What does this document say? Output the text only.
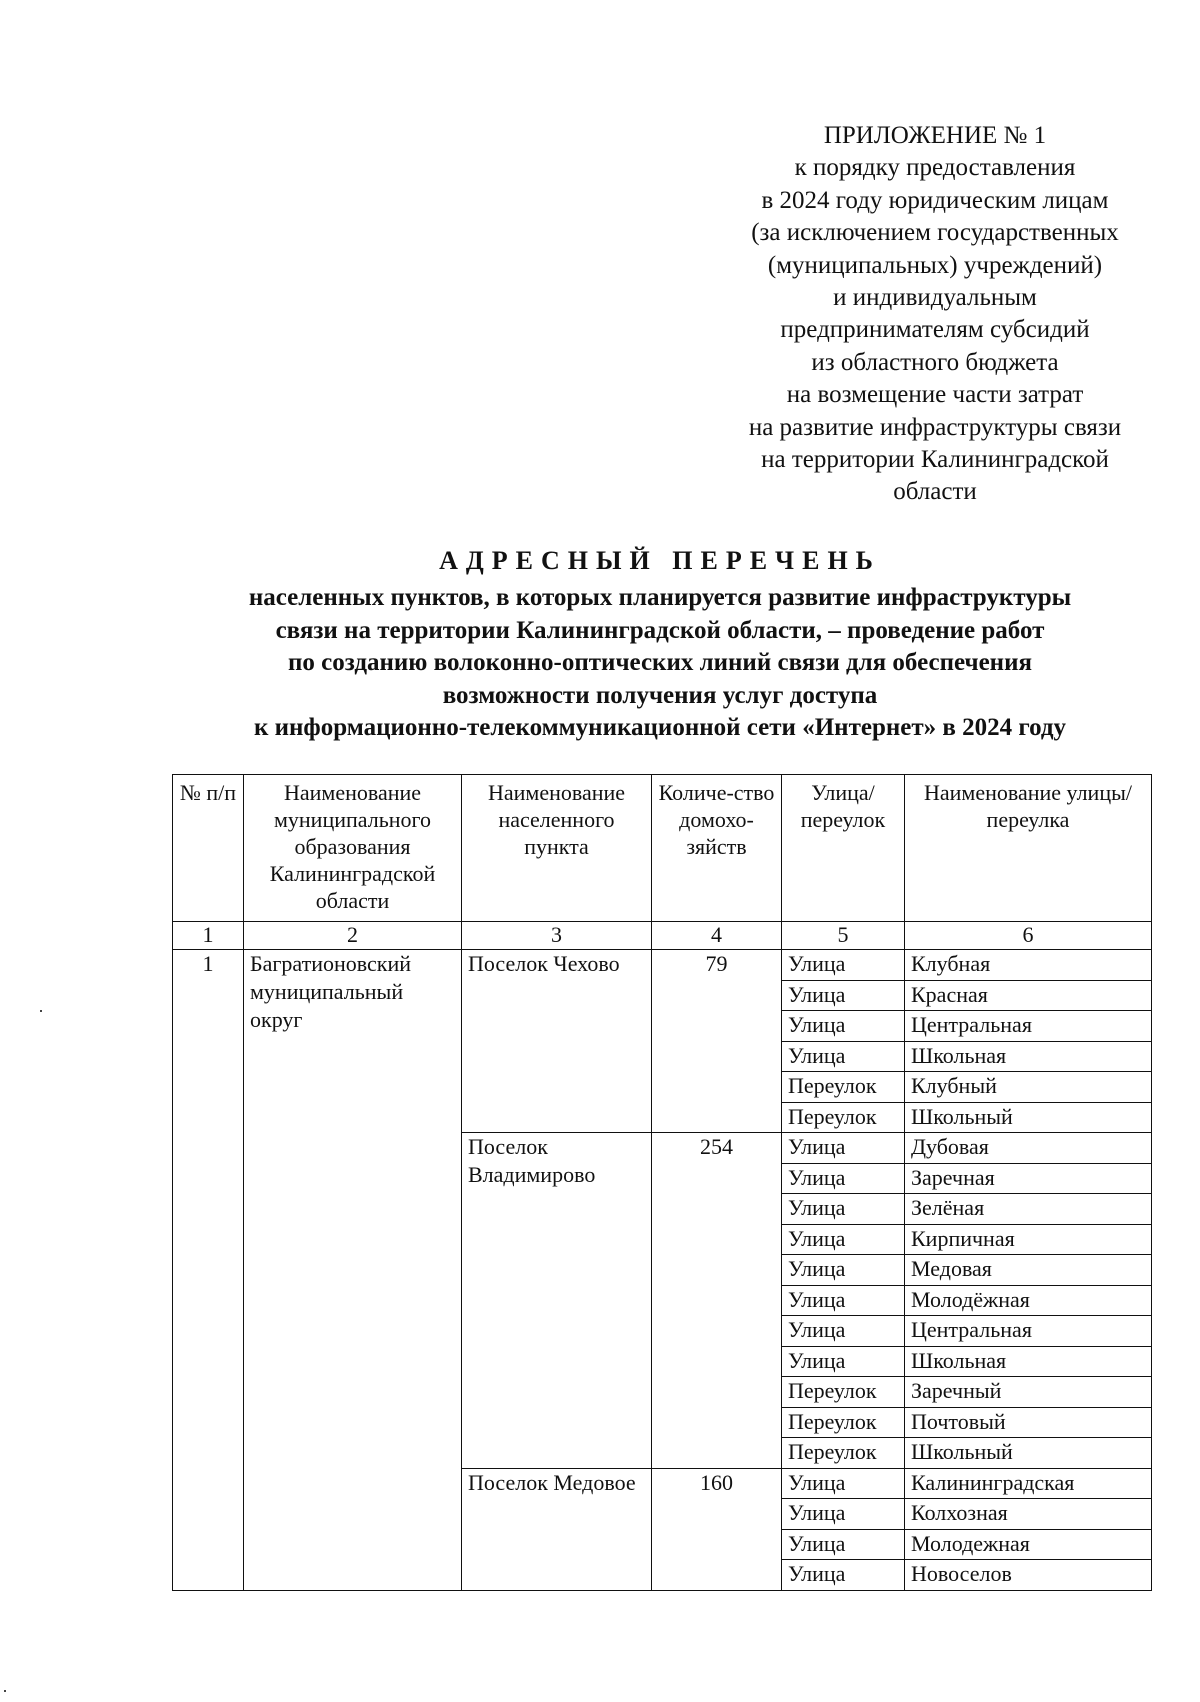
ПРИЛОЖЕНИЕ № 1
к порядку предоставления
в 2024 году юридическим лицам
(за исключением государственных
(муниципальных) учреждений)
и индивидуальным
предпринимателям субсидий
из областного бюджета
на возмещение части затрат
на развитие инфраструктуры связи
на территории Калининградской
области
АДРЕСНЫЙ ПЕРЕЧЕНЬ
населенных пунктов, в которых планируется развитие инфраструктуры
связи на территории Калининградской области, – проведение работ
по созданию волоконно-оптических линий связи для обеспечения
возможности получения услуг доступа
к информационно-телекоммуникационной сети «Интернет» в 2024 году
№ п/п	Наименование муниципального образования Калининградской области	Наименование населенного пункта	Количе-ство домохо-зяйств	Улица/ переулок	Наименование улицы/переулка
1	2	3	4	5	6
1	Багратионовский муниципальный округ	Поселок Чехово	79	Улица	Клубная
				Улица	Красная
				Улица	Центральная
				Улица	Школьная
				Переулок	Клубный
				Переулок	Школьный
		Поселок Владимирово	254	Улица	Дубовая
				Улица	Заречная
				Улица	Зелёная
				Улица	Кирпичная
				Улица	Медовая
				Улица	Молодёжная
				Улица	Центральная
				Улица	Школьная
				Переулок	Заречный
				Переулок	Почтовый
				Переулок	Школьный
		Поселок Медовое	160	Улица	Калининградская
				Улица	Колхозная
				Улица	Молодежная
				Улица	Новоселов
